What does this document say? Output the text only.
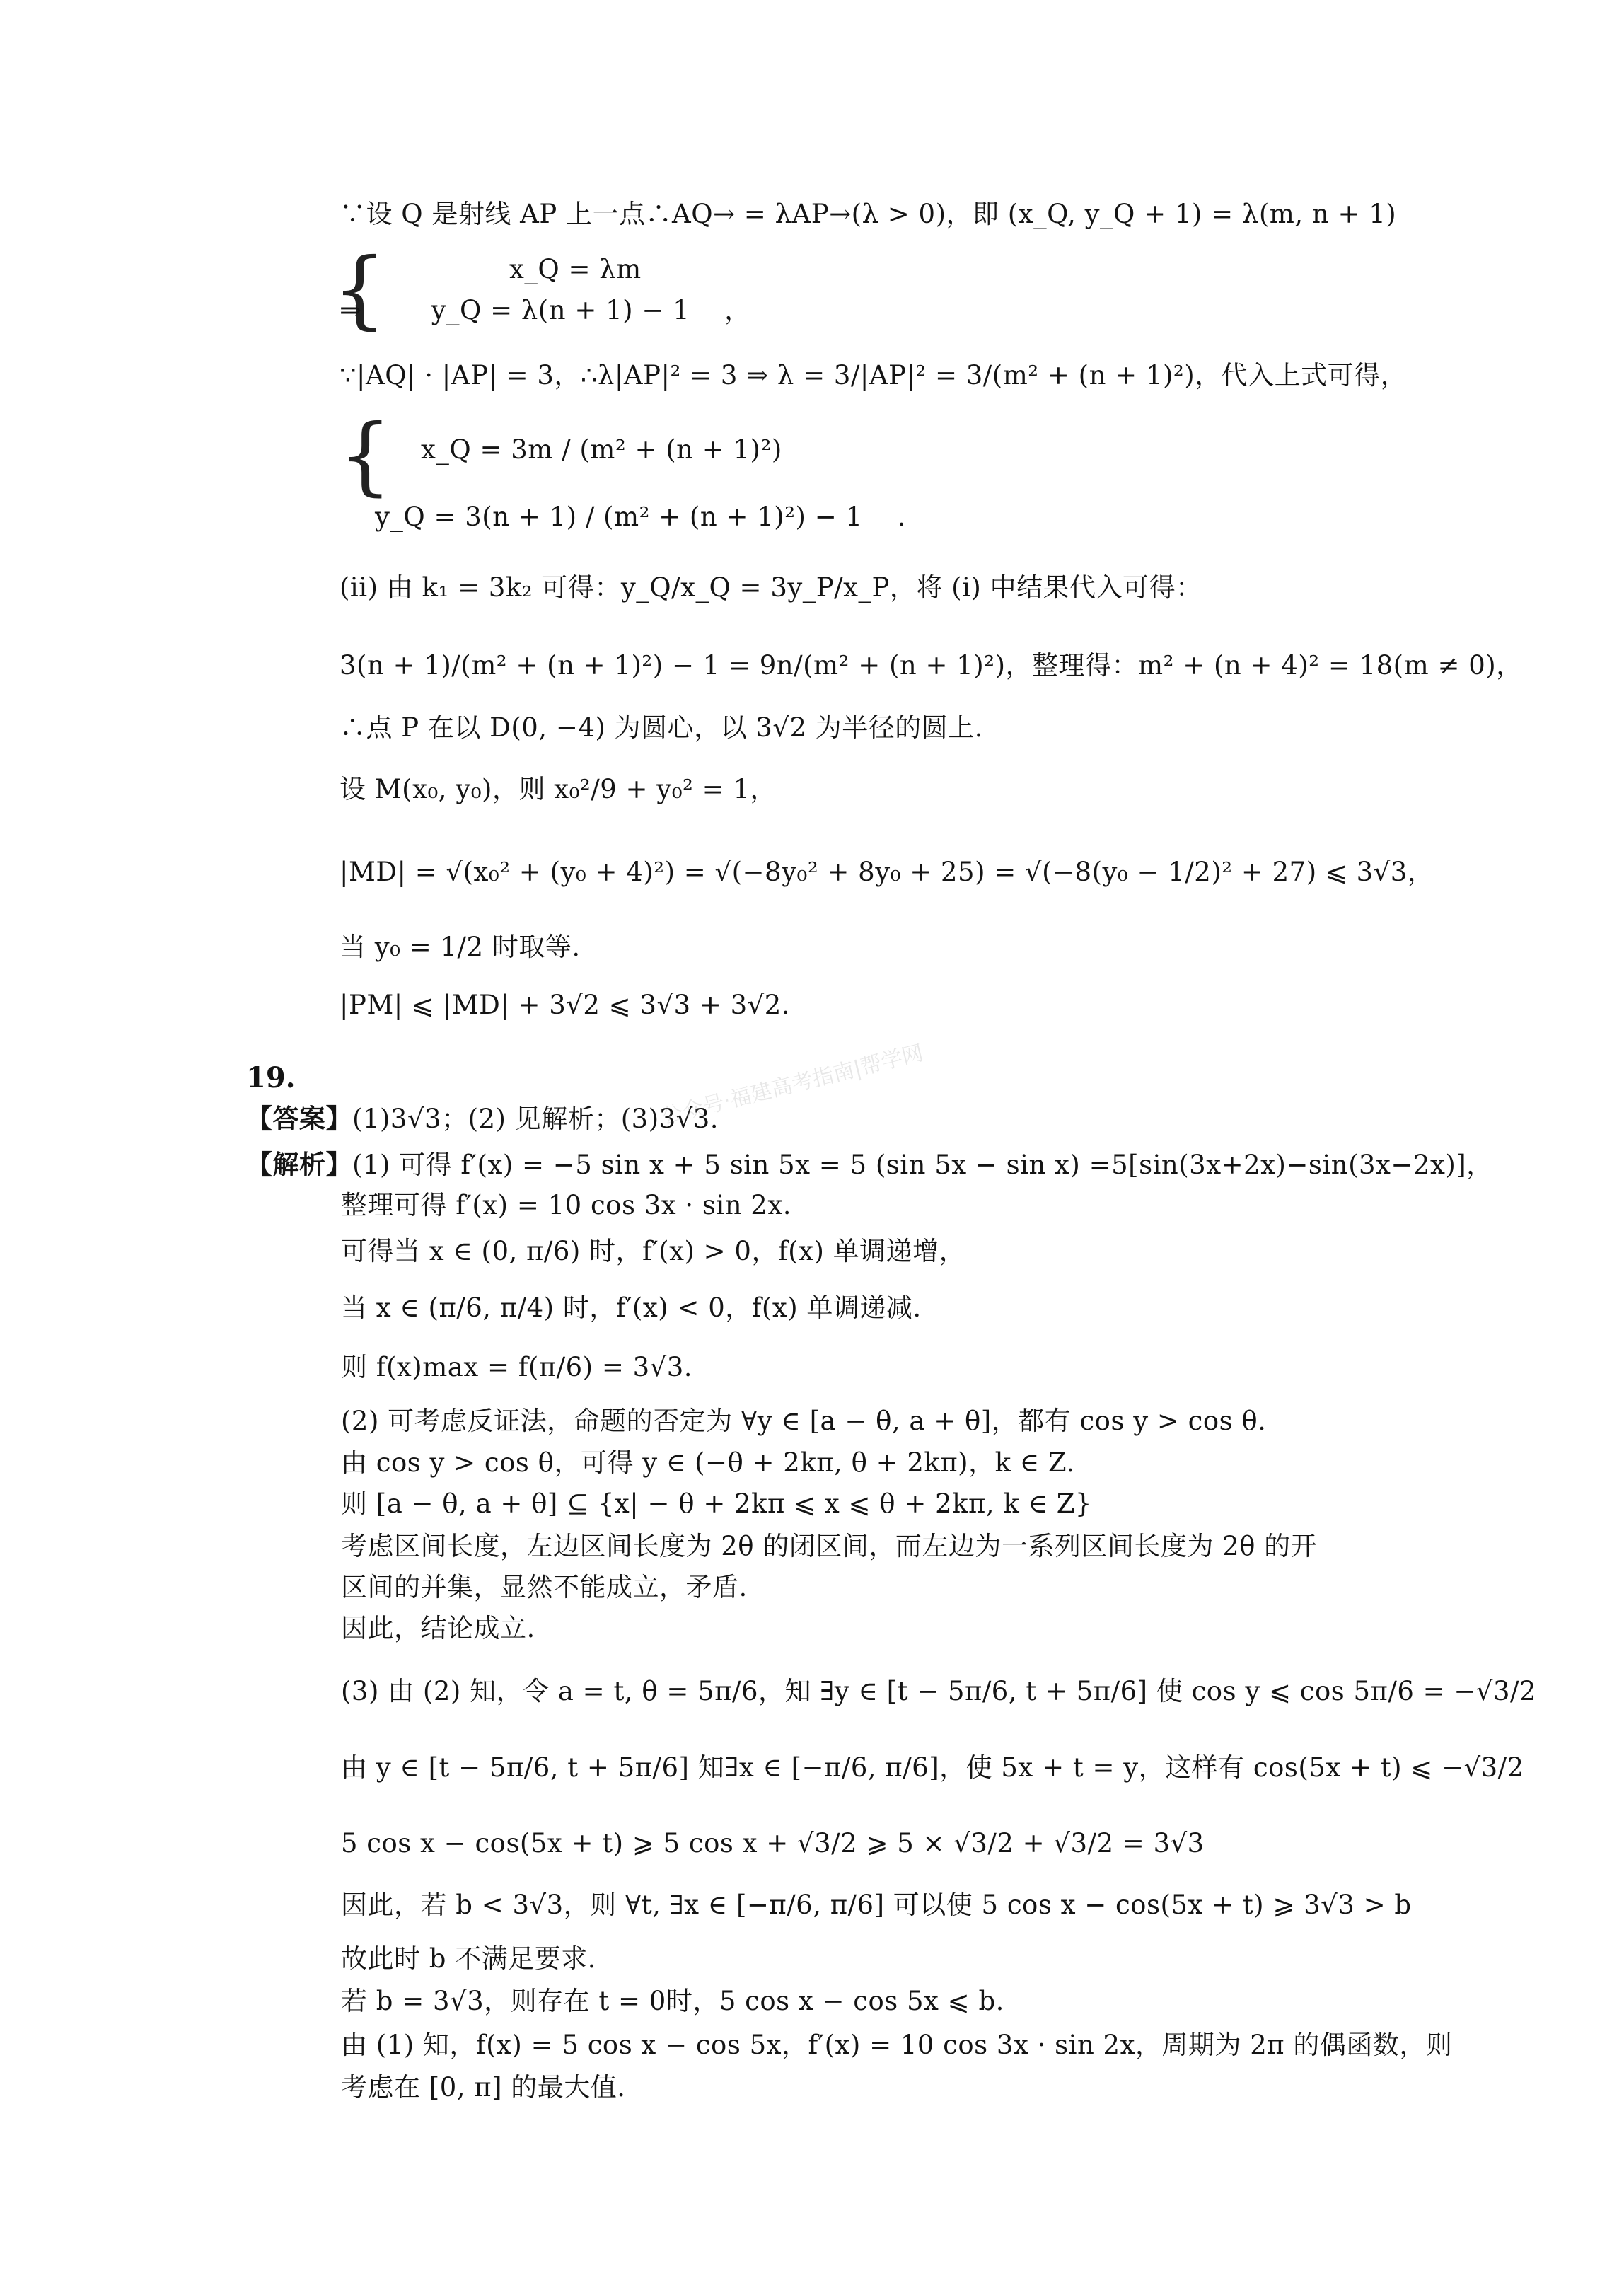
∵设 Q 是射线 AP 上一点∴AQ→ = λAP→(λ > 0)，即 (x_Q, y_Q + 1) = λ(m, n + 1)
{	x_Q = λm
⇒        y_Q = λ(n + 1) − 1    ，
∵|AQ| · |AP| = 3，∴λ|AP|² = 3 ⇒ λ = 3/|AP|² = 3/(m² + (n + 1)²)，代入上式可得，
{ x_Q = 3m / (m² + (n + 1)²)
y_Q = 3(n + 1) / (m² + (n + 1)²) − 1    .
(ii) 由 k₁ = 3k₂ 可得：y_Q/x_Q = 3y_P/x_P，将 (i) 中结果代入可得：
3(n + 1)/(m² + (n + 1)²) − 1 = 9n/(m² + (n + 1)²)，整理得：m² + (n + 4)² = 18(m ≠ 0)，
∴点 P 在以 D(0, −4) 为圆心，以 3√2 为半径的圆上.
设 M(x₀, y₀)，则 x₀²/9 + y₀² = 1，
|MD| = √(x₀² + (y₀ + 4)²) = √(−8y₀² + 8y₀ + 25) = √(−8(y₀ − 1/2)² + 27) ⩽ 3√3，
当 y₀ = 1/2 时取等.
|PM| ⩽ |MD| + 3√2 ⩽ 3√3 + 3√2.
19.
【答案】(1)3√3；(2) 见解析；(3)3√3.
【解析】(1) 可得 f′(x) = −5 sin x + 5 sin 5x = 5 (sin 5x − sin x) =5[sin(3x+2x)−sin(3x−2x)]，
整理可得 f′(x) = 10 cos 3x · sin 2x.
可得当 x ∈ (0, π/6) 时，f′(x) > 0，f(x) 单调递增，
当 x ∈ (π/6, π/4) 时，f′(x) < 0，f(x) 单调递减.
则 f(x)max = f(π/6) = 3√3.
(2) 可考虑反证法，命题的否定为 ∀y ∈ [a − θ, a + θ]，都有 cos y > cos θ.
由 cos y > cos θ，可得 y ∈ (−θ + 2kπ, θ + 2kπ)，k ∈ Z.
则 [a − θ, a + θ] ⊆ {x| − θ + 2kπ ⩽ x ⩽ θ + 2kπ, k ∈ Z}
考虑区间长度，左边区间长度为 2θ 的闭区间，而左边为一系列区间长度为 2θ 的开
区间的并集，显然不能成立，矛盾.
因此，结论成立.
(3) 由 (2) 知，令 a = t, θ = 5π/6，知 ∃y ∈ [t − 5π/6, t + 5π/6] 使 cos y ⩽ cos 5π/6 = −√3/2
由 y ∈ [t − 5π/6, t + 5π/6] 知∃x ∈ [−π/6, π/6]，使 5x + t = y，这样有 cos(5x + t) ⩽ −√3/2
5 cos x − cos(5x + t) ⩾ 5 cos x + √3/2 ⩾ 5 × √3/2 + √3/2 = 3√3
因此，若 b < 3√3，则 ∀t, ∃x ∈ [−π/6, π/6] 可以使 5 cos x − cos(5x + t) ⩾ 3√3 > b
故此时 b 不满足要求.
若 b = 3√3，则存在 t = 0时，5 cos x − cos 5x ⩽ b.
由 (1) 知，f(x) = 5 cos x − cos 5x，f′(x) = 10 cos 3x · sin 2x，周期为 2π 的偶函数，则
考虑在 [0, π] 的最大值.
公众号·福建高考指南|帮学网
